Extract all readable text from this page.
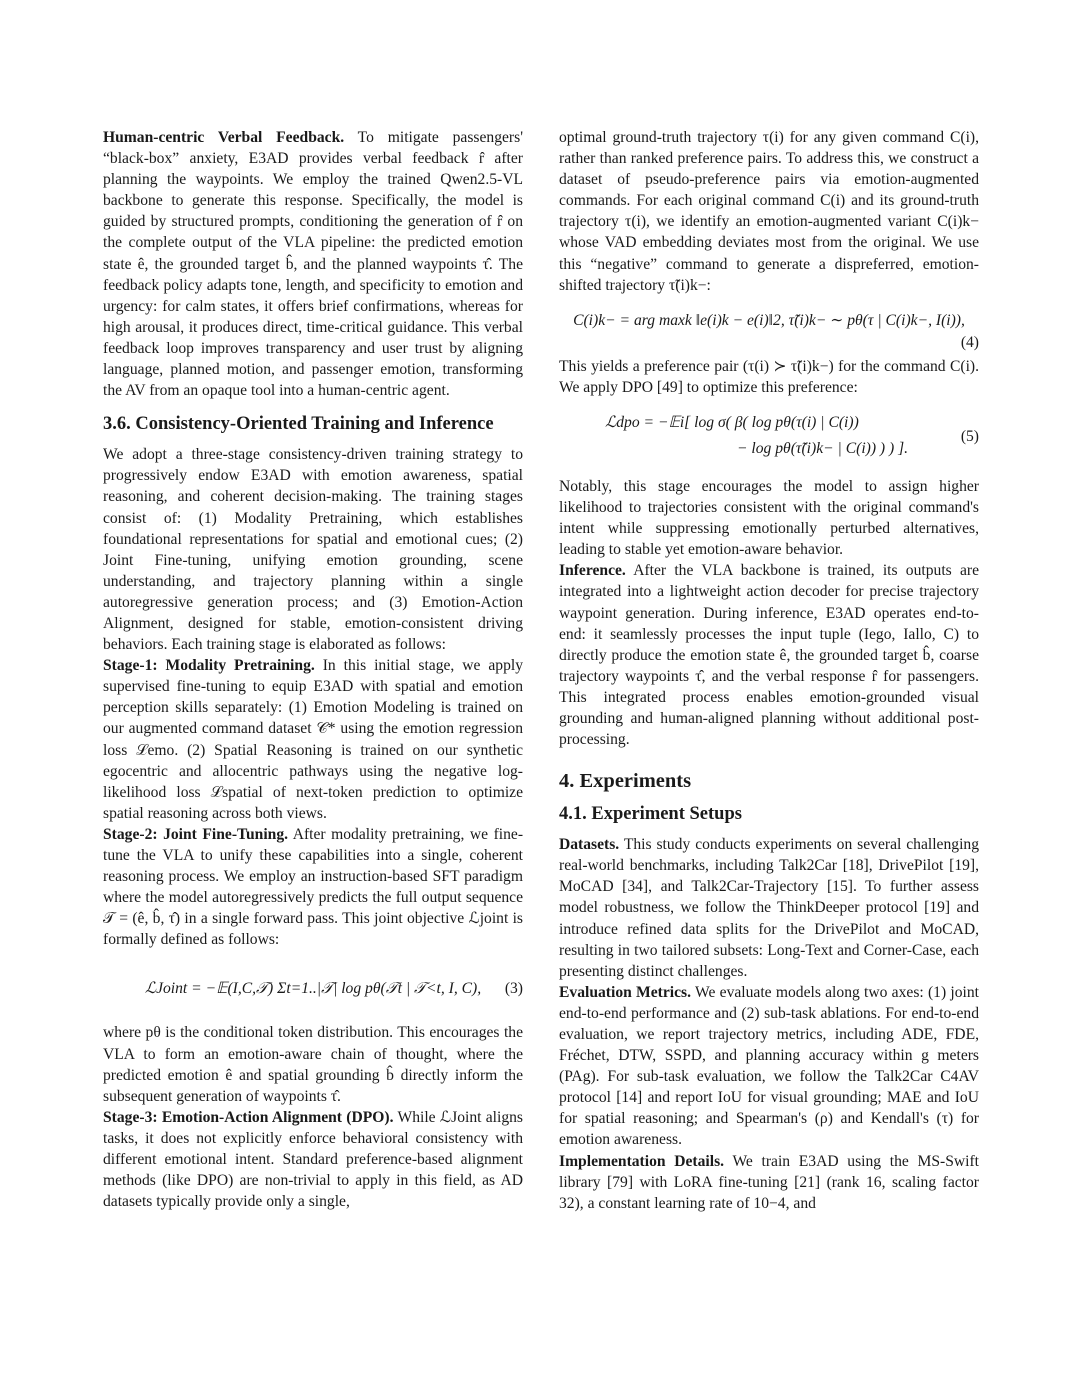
Human-centric Verbal Feedback. To mitigate passengers' “black-box” anxiety, E3AD provides verbal feedback r̂ after planning the waypoints. We employ the trained Qwen2.5-VL backbone to generate this response. Specifically, the model is guided by structured prompts, conditioning the generation of r̂ on the complete output of the VLA pipeline: the predicted emotion state ê, the grounded target b̂, and the planned waypoints τ̂. The feedback policy adapts tone, length, and specificity to emotion and urgency: for calm states, it offers brief confirmations, whereas for high arousal, it produces direct, time-critical guidance. This verbal feedback loop improves transparency and user trust by aligning language, planned motion, and passenger emotion, transforming the AV from an opaque tool into a human-centric agent.

3.6. Consistency-Oriented Training and Inference

We adopt a three-stage consistency-driven training strategy to progressively endow E3AD with emotion awareness, spatial reasoning, and coherent decision-making. The training stages consist of: (1) Modality Pretraining, which establishes foundational representations for spatial and emotional cues; (2) Joint Fine-tuning, unifying emotion grounding, scene understanding, and trajectory planning within a single autoregressive generation process; and (3) Emotion-Action Alignment, designed for stable, emotion-consistent driving behaviors. Each training stage is elaborated as follows:

Stage-1: Modality Pretraining. In this initial stage, we apply supervised fine-tuning to equip E3AD with spatial and emotion perception skills separately: (1) Emotion Modeling is trained on our augmented command dataset 𝒞* using the emotion regression loss ℒemo. (2) Spatial Reasoning is trained on our synthetic egocentric and allocentric pathways using the negative log-likelihood loss ℒspatial of next-token prediction to optimize spatial reasoning across both views.

Stage-2: Joint Fine-Tuning. After modality pretraining, we fine-tune the VLA to unify these capabilities into a single, coherent reasoning process. We employ an instruction-based SFT paradigm where the model autoregressively predicts the full output sequence 𝒯 = (ê, b̂, τ̂) in a single forward pass. This joint objective ℒjoint is formally defined as follows:

ℒJoint = −𝔼(I,C,𝒯) Σt=1..|𝒯| log pθ(𝒯t | 𝒯<t, I, C), (3)

where pθ is the conditional token distribution. This encourages the VLA to form an emotion-aware chain of thought, where the predicted emotion ê and spatial grounding b̂ directly inform the subsequent generation of waypoints τ̂.

Stage-3: Emotion-Action Alignment (DPO). While ℒJoint aligns tasks, it does not explicitly enforce behavioral consistency with different emotional intent. Standard preference-based alignment methods (like DPO) are non-trivial to apply in this field, as AD datasets typically provide only a single,

optimal ground-truth trajectory τ(i) for any given command C(i), rather than ranked preference pairs. To address this, we construct a dataset of pseudo-preference pairs via emotion-augmented commands. For each original command C(i) and its ground-truth trajectory τ(i), we identify an emotion-augmented variant C(i)k− whose VAD embedding deviates most from the original. We use this “negative” command to generate a dispreferred, emotion-shifted trajectory τ̃(i)k−:

C(i)k− = arg maxk ‖e(i)k − e(i)‖2, τ̃(i)k− ∼ pθ(τ | C(i)k−, I(i)),
(4)

This yields a preference pair (τ(i) ≻ τ̃(i)k−) for the command C(i). We apply DPO [49] to optimize this preference:

ℒdpo = −𝔼i[ log σ( β( log pθ(τ(i) | C(i))
− log pθ(τ̃(i)k− | C(i)) ) ) ].
(5)

Notably, this stage encourages the model to assign higher likelihood to trajectories consistent with the original command's intent while suppressing emotionally perturbed alternatives, leading to stable yet emotion-aware behavior.

Inference. After the VLA backbone is trained, its outputs are integrated into a lightweight action decoder for precise trajectory waypoint generation. During inference, E3AD operates end-to-end: it seamlessly processes the input tuple (Iego, Iallo, C) to directly produce the emotion state ê, the grounded target b̂, coarse trajectory waypoints τ̂, and the verbal response r̂ for passengers. This integrated process enables emotion-grounded visual grounding and human-aligned planning without additional post-processing.

4. Experiments
4.1. Experiment Setups

Datasets. This study conducts experiments on several challenging real-world benchmarks, including Talk2Car [18], DrivePilot [19], MoCAD [34], and Talk2Car-Trajectory [15]. To further assess model robustness, we follow the ThinkDeeper protocol [19] and introduce refined data splits for the DrivePilot and MoCAD, resulting in two tailored subsets: Long-Text and Corner-Case, each presenting distinct challenges.

Evaluation Metrics. We evaluate models along two axes: (1) joint end-to-end performance and (2) sub-task ablations. For end-to-end evaluation, we report trajectory metrics, including ADE, FDE, Fréchet, DTW, SSPD, and planning accuracy within g meters (PAg). For sub-task evaluation, we follow the Talk2Car C4AV protocol [14] and report IoU for visual grounding; MAE and IoU for spatial reasoning; and Spearman's (ρ) and Kendall's (τ) for emotion awareness.

Implementation Details. We train E3AD using the MS-Swift library [79] with LoRA fine-tuning [21] (rank 16, scaling factor 32), a constant learning rate of 10−4, and
